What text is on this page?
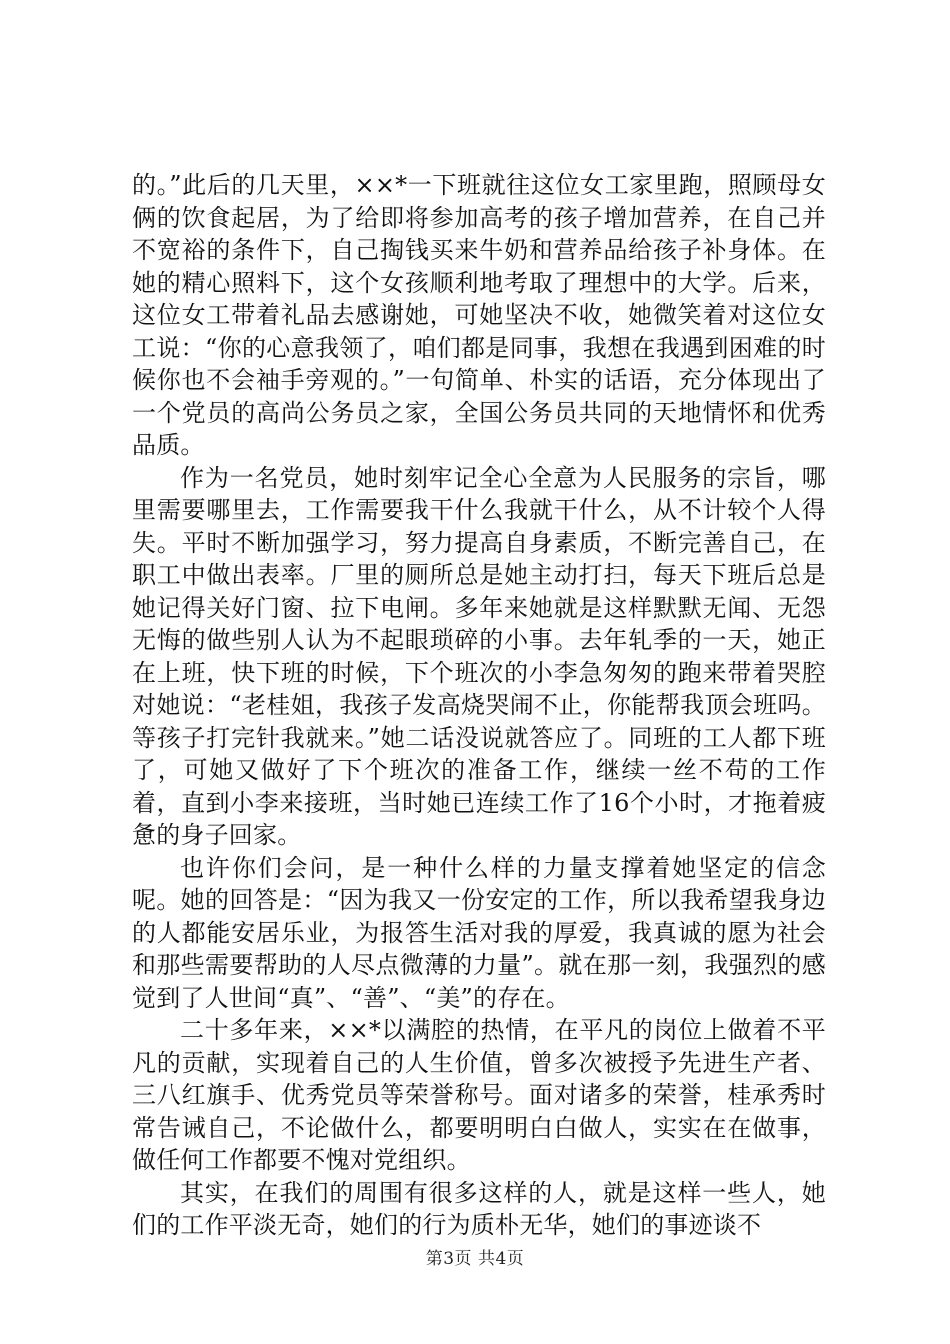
的。”此后的几天里，××*一下班就往这位女工家里跑，照顾母女俩的饮食起居，为了给即将参加高考的孩子增加营养，在自己并不宽裕的条件下，自己掏钱买来牛奶和营养品给孩子补身体。在她的精心照料下，这个女孩顺利地考取了理想中的大学。后来，这位女工带着礼品去感谢她，可她坚决不收，她微笑着对这位女工说：“你的心意我领了，咱们都是同事，我想在我遇到困难的时候你也不会袖手旁观的。”一句简单、朴实的话语，充分体现出了一个党员的高尚公务员之家，全国公务员共同的天地情怀和优秀品质。

作为一名党员，她时刻牢记全心全意为人民服务的宗旨，哪里需要哪里去，工作需要我干什么我就干什么，从不计较个人得失。平时不断加强学习，努力提高自身素质，不断完善自己，在职工中做出表率。厂里的厕所总是她主动打扫，每天下班后总是她记得关好门窗、拉下电闸。多年来她就是这样默默无闻、无怨无悔的做些别人认为不起眼琐碎的小事。去年轧季的一天，她正在上班，快下班的时候，下个班次的小李急匆匆的跑来带着哭腔对她说：“老桂姐，我孩子发高烧哭闹不止，你能帮我顶会班吗。等孩子打完针我就来。”她二话没说就答应了。同班的工人都下班了，可她又做好了下个班次的准备工作，继续一丝不苟的工作着，直到小李来接班，当时她已连续工作了16个小时，才拖着疲惫的身子回家。

也许你们会问，是一种什么样的力量支撑着她坚定的信念呢。她的回答是：“因为我又一份安定的工作，所以我希望我身边的人都能安居乐业，为报答生活对我的厚爱，我真诚的愿为社会和那些需要帮助的人尽点微薄的力量”。就在那一刻，我强烈的感觉到了人世间“真”、“善”、“美”的存在。

二十多年来，××*以满腔的热情，在平凡的岗位上做着不平凡的贡献，实现着自己的人生价值，曾多次被授予先进生产者、三八红旗手、优秀党员等荣誉称号。面对诸多的荣誉，桂承秀时常告诫自己，不论做什么，都要明明白白做人，实实在在做事，做任何工作都要不愧对党组织。

其实，在我们的周围有很多这样的人，就是这样一些人，她们的工作平淡无奇，她们的行为质朴无华，她们的事迹谈不

第3页 共4页
